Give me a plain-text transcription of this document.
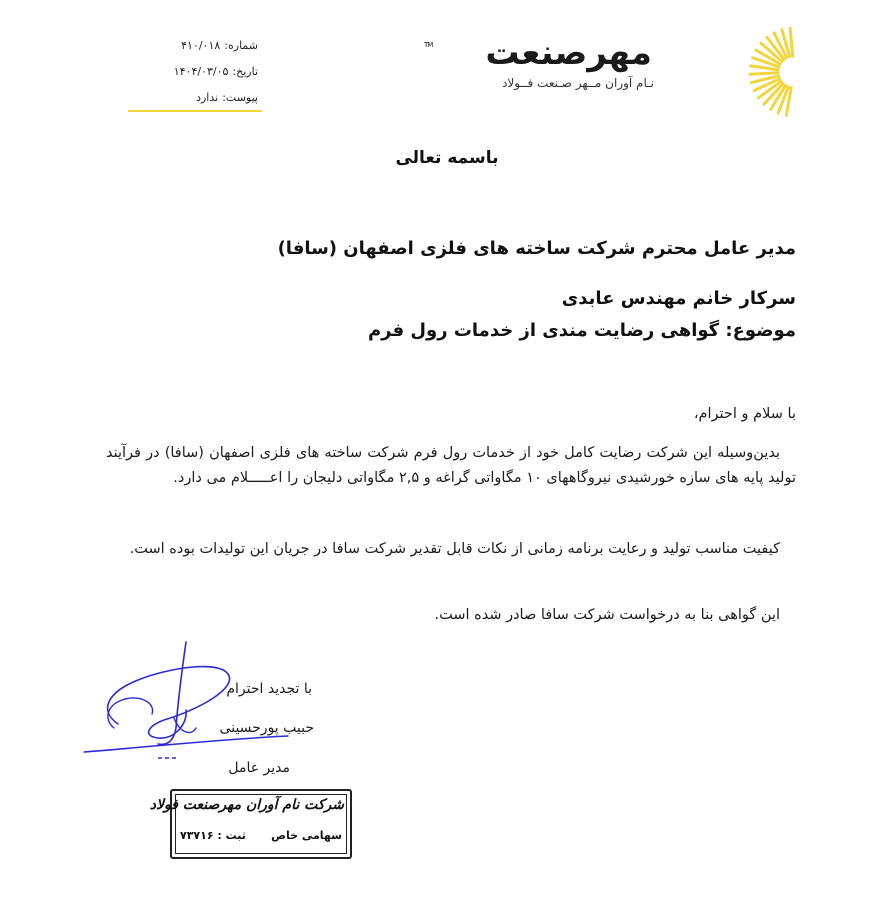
مهرصنعت
TM
نـام آوران مــهر صـنعت فــولاد
شماره:۴۱۰/۰۱۸
تاریخ:۱۴۰۴/۰۳/۰۵
پیوست:ندارد
باسمه تعالی
مدیر عامل محترم شرکت ساخته های فلزی اصفهان (سافا)
سرکار خانم مهندس عابدی
موضوع: گواهی رضایت مندی از خدمات رول فرم
با سلام و احترام،
بدین‌وسیله این شرکت رضایت کامل خود از خدمات رول فرم شرکت ساخته های فلزی اصفهان (سافا) در فرآیند تولید پایه های سازه خورشیدی نیروگاههای ۱۰ مگاواتی گراغه و ۲,۵ مگاواتی دلیجان را اعـــــلام می دارد.
کیفیت مناسب تولید و رعایت برنامه زمانی از نکات قابل تقدیر شرکت سافا در جریان این تولیدات بوده است.
این گواهی بنا به درخواست شرکت سافا صادر شده است.
با تجدید احترام
حبیب پورحسینی
مدیر عامل
شرکت نام آوران مهرصنعت فولاد
سهامی خاص
ثبت : ۷۳۷۱۶
